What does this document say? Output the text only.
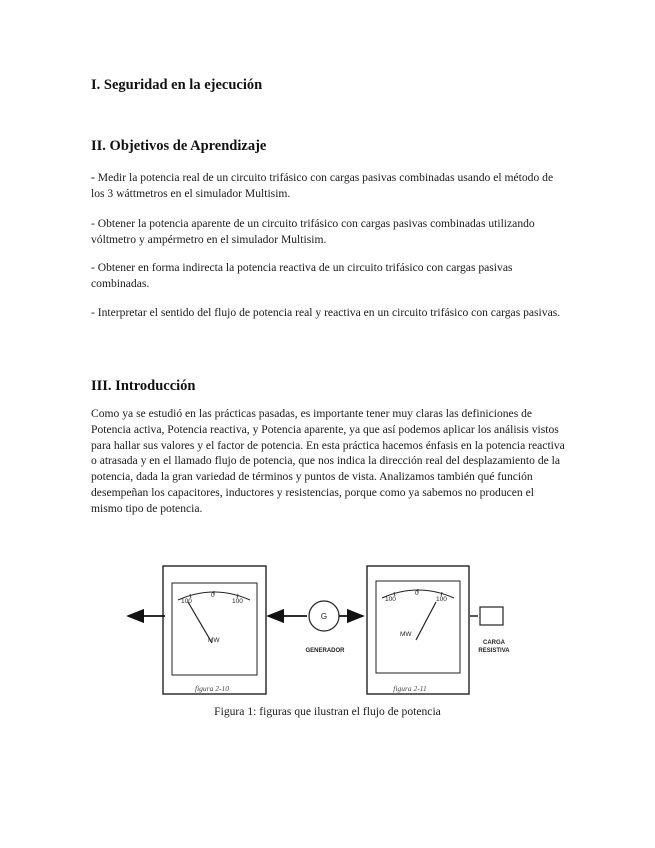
I. Seguridad en la ejecución
II. Objetivos de Aprendizaje

- Medir la potencia real de un circuito trifásico con cargas pasivas combinadas usando el método de los 3 wáttmetros en el simulador Multisim.

- Obtener la potencia aparente de un circuito trifásico con cargas pasivas combinadas utilizando vóltmetro y ampérmetro en el simulador Multisim.

- Obtener en forma indirecta la potencia reactiva de un circuito trifásico con cargas pasivas combinadas.

- Interpretar el sentido del flujo de potencia real y reactiva en un circuito trifásico con cargas pasivas.

III. Introducción

Como ya se estudió en las prácticas pasadas, es importante tener muy claras las definiciones de Potencia activa, Potencia reactiva, y Potencia aparente, ya que así podemos aplicar los análisis vistos para hallar sus valores y el factor de potencia. En esta práctica hacemos énfasis en la potencia reactiva o atrasada y en el llamado flujo de potencia, que nos indica la dirección real del desplazamiento de la potencia, dada la gran variedad de términos y puntos de vista. Analizamos también qué función desempeñan los capacitores, inductores y resistencias, porque como ya sabemos no producen el mismo tipo de potencia.

100
0
100
MW
G
GENERADOR
100
0
100
MW
CARGA
RESISTIVA
figura 2-10	figura 2-11
Figura 1: figuras que ilustran el flujo de potencia
